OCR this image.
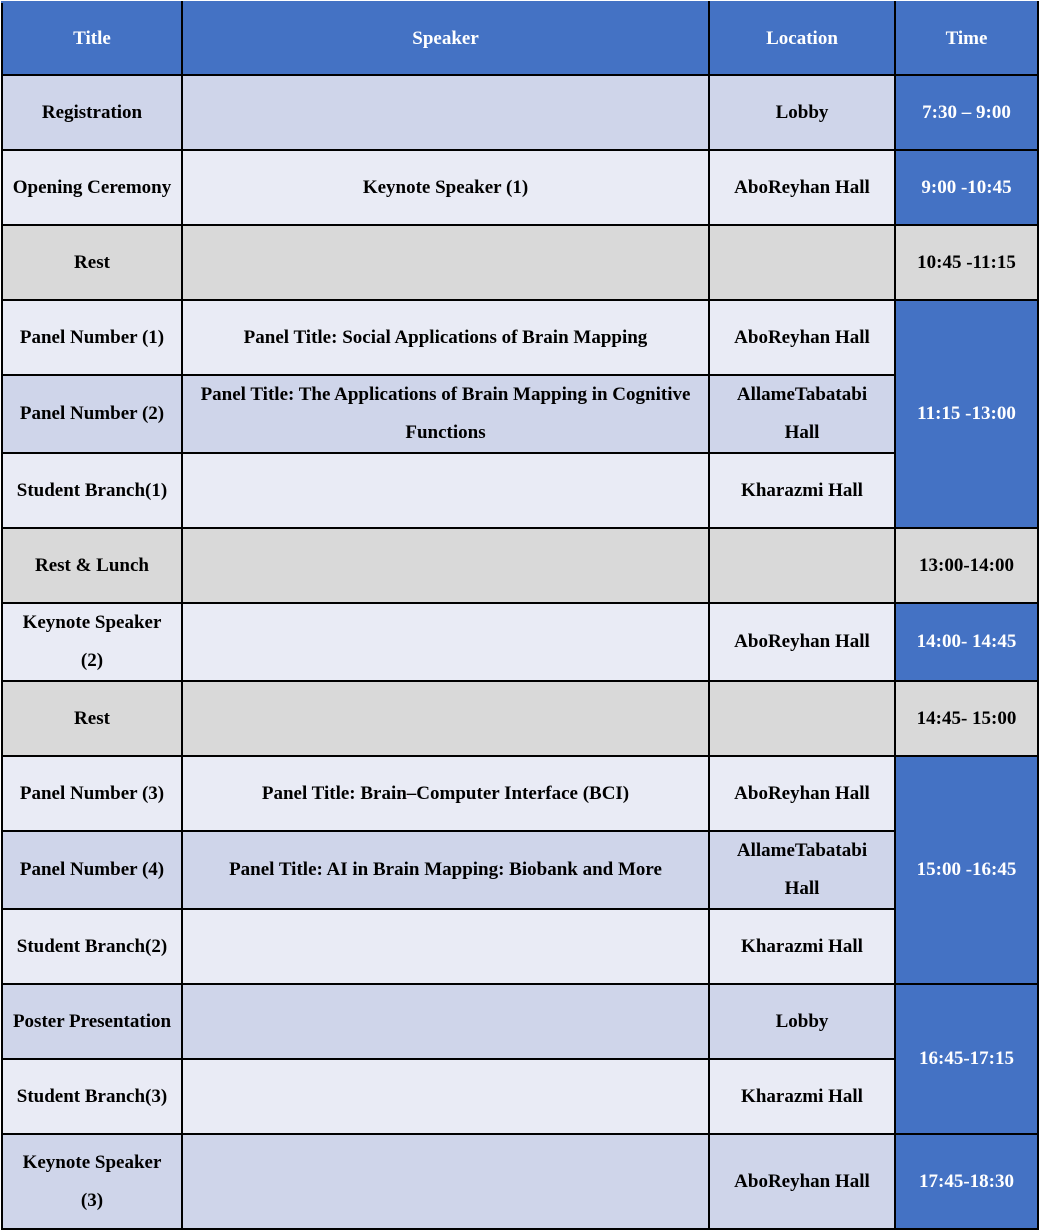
Title	Speaker	Location	Time
Registration		Lobby	7:30 – 9:00
Opening Ceremony	Keynote Speaker (1)	AboReyhan Hall	9:00 -10:45
Rest			10:45 -11:15
Panel Number (1)	Panel Title: Social Applications of Brain Mapping	AboReyhan Hall	11:15 -13:00
Panel Number (2)	Panel Title: The Applications of Brain Mapping in Cognitive Functions	AllameTabatabi Hall	
Student Branch(1)		Kharazmi Hall	
Rest & Lunch			13:00-14:00
Keynote Speaker (2)		AboReyhan Hall	14:00- 14:45
Rest			14:45- 15:00
Panel Number (3)	Panel Title: Brain–Computer Interface (BCI)	AboReyhan Hall	15:00 -16:45
Panel Number (4)	Panel Title: AI in Brain Mapping: Biobank and More	AllameTabatabi Hall	
Student Branch(2)		Kharazmi Hall	
Poster Presentation		Lobby	16:45-17:15
Student Branch(3)		Kharazmi Hall	
Keynote Speaker (3)		AboReyhan Hall	17:45-18:30
